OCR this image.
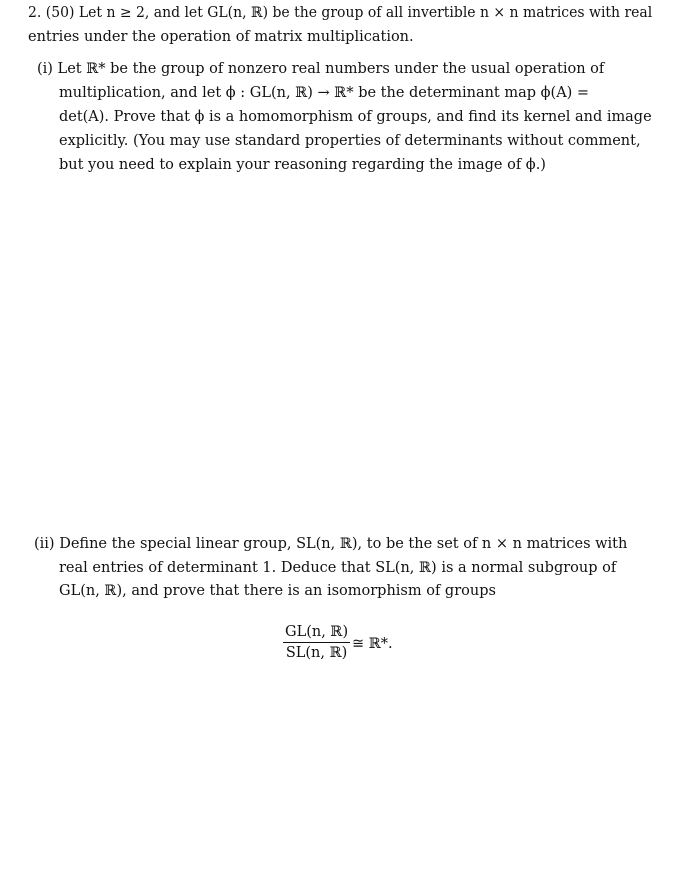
2. (50) Let n ≥ 2, and let GL(n, ℝ) be the group of all invertible n × n matrices with real
entries under the operation of matrix multiplication.
(i) Let ℝ* be the group of nonzero real numbers under the usual operation of
multiplication, and let ϕ : GL(n, ℝ) → ℝ* be the determinant map ϕ(A) =
det(A). Prove that ϕ is a homomorphism of groups, and find its kernel and image
explicitly. (You may use standard properties of determinants without comment,
but you need to explain your reasoning regarding the image of ϕ.)
(ii) Define the special linear group, SL(n, ℝ), to be the set of n × n matrices with
real entries of determinant 1. Deduce that SL(n, ℝ) is a normal subgroup of
GL(n, ℝ), and prove that there is an isomorphism of groups
GL(n, ℝ)
SL(n, ℝ)
≅ ℝ*.
